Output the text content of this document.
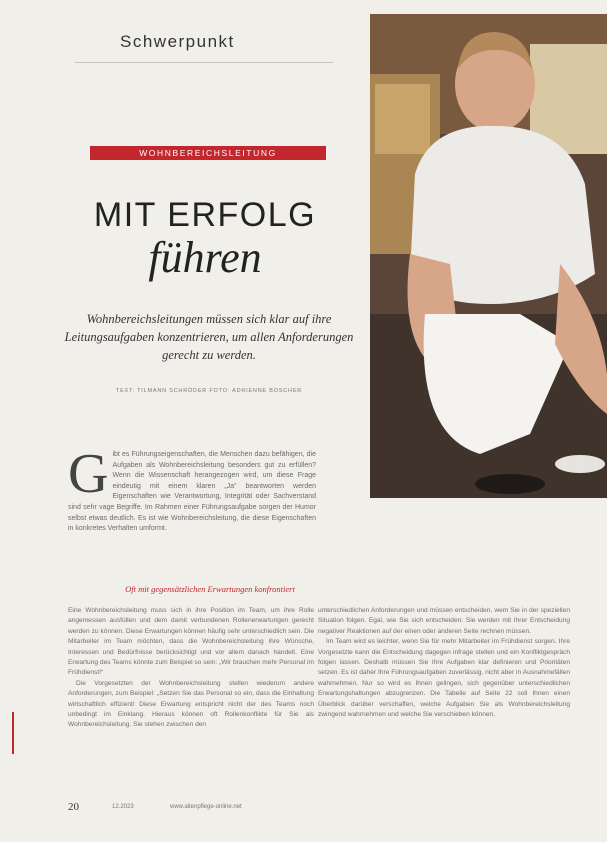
Schwerpunkt
WOHNBEREICHSLEITUNG
MIT ERFOLG
führen
Wohnbereichsleitungen müssen sich klar auf ihre Leitungsaufgaben konzentrieren, um allen Anforderungen gerecht zu werden.
TEXT: TILMANN SCHRÖDER FOTO: ADRIENNE BOSCHER
G ibt es Führungseigenschaften, die Menschen dazu befähigen, die Aufgaben als Wohnbereichsleitung besonders gut zu erfüllen? Wenn die Wissenschaft herangezogen wird, um diese Frage eindeutig mit einem klaren „Ja“ beantworten werden Eigenschaften wie Verantwortung, Integrität oder Sachverstand sind sehr vage Begriffe. Im Rahmen einer Führungsaufgabe sorgen der Humor selbst etwas deutlich. Es ist wie Wohnbereichsleitung, die diese Eigenschaften in konkretes Verhalten umformt.
Oft mit gegensätzlichen Erwartungen konfrontiert

Eine Wohnbereichsleitung muss sich in ihre Position im Team, um ihre Rolle angemessen ausfüllen und dem damit verbundenen Rollenerwartungen gerecht werden zu können. Diese Erwartungen können häufig sehr unterschiedlich sein. Die Mitarbeiter im Team möchten, dass die Wohnbereichsleitung ihre Wünsche, Interessen und Bedürfnisse berücksichtigt und vor allem danach handelt. Eine Erwartung des Teams könnte zum Beispiel so sein: „Wir brauchen mehr Personal im Frühdienst!“

Die Vorgesetzten der Wohnbereichsleitung stellen wiederum andere Anforderungen, zum Beispiel: „Setzen Sie das Personal so ein, dass die Einhaltung wirtschaftlich effizient! Diese Erwartung entspricht nicht der des Teams noch unbedingt im Einklang. Hieraus können oft Rollenkonflikte für Sie als Wohnbereichsleitung. Sie stehen zwischen den

unterschiedlichen Anforderungen und müssen entscheiden, wem Sie in der speziellen Situation folgen. Egal, wie Sie sich entscheiden: Sie werden mit Ihrer Entscheidung negativer Reaktionen auf der einen oder anderen Seite rechnen müssen.

Im Team wird es leichter, wenn Sie für mehr Mitarbeiter im Frühdienst sorgen. Ihre Vorgesetzte kann die Entscheidung dagegen infrage stellen und ein Konfliktgespräch folgen lassen. Deshalb müssen Sie Ihre Aufgaben klar definieren und Prioritäten setzen. Es ist daher Ihre Führungsaufgaben zuverlässig, nicht aber in Ausnahmefällen wahrnehmen. Nur so wird es Ihnen gelingen, sich gegenüber unterschiedlichen Erwartungshaltungen abzugrenzen. Die Tabelle auf Seite 22 soll Ihnen einen Überblick darüber verschaffen, welche Aufgaben Sie als Wohnbereichsleitung zwingend wahrnehmen und welche Sie verschieben können.

20	12.2023	www.altenpflege-online.net
